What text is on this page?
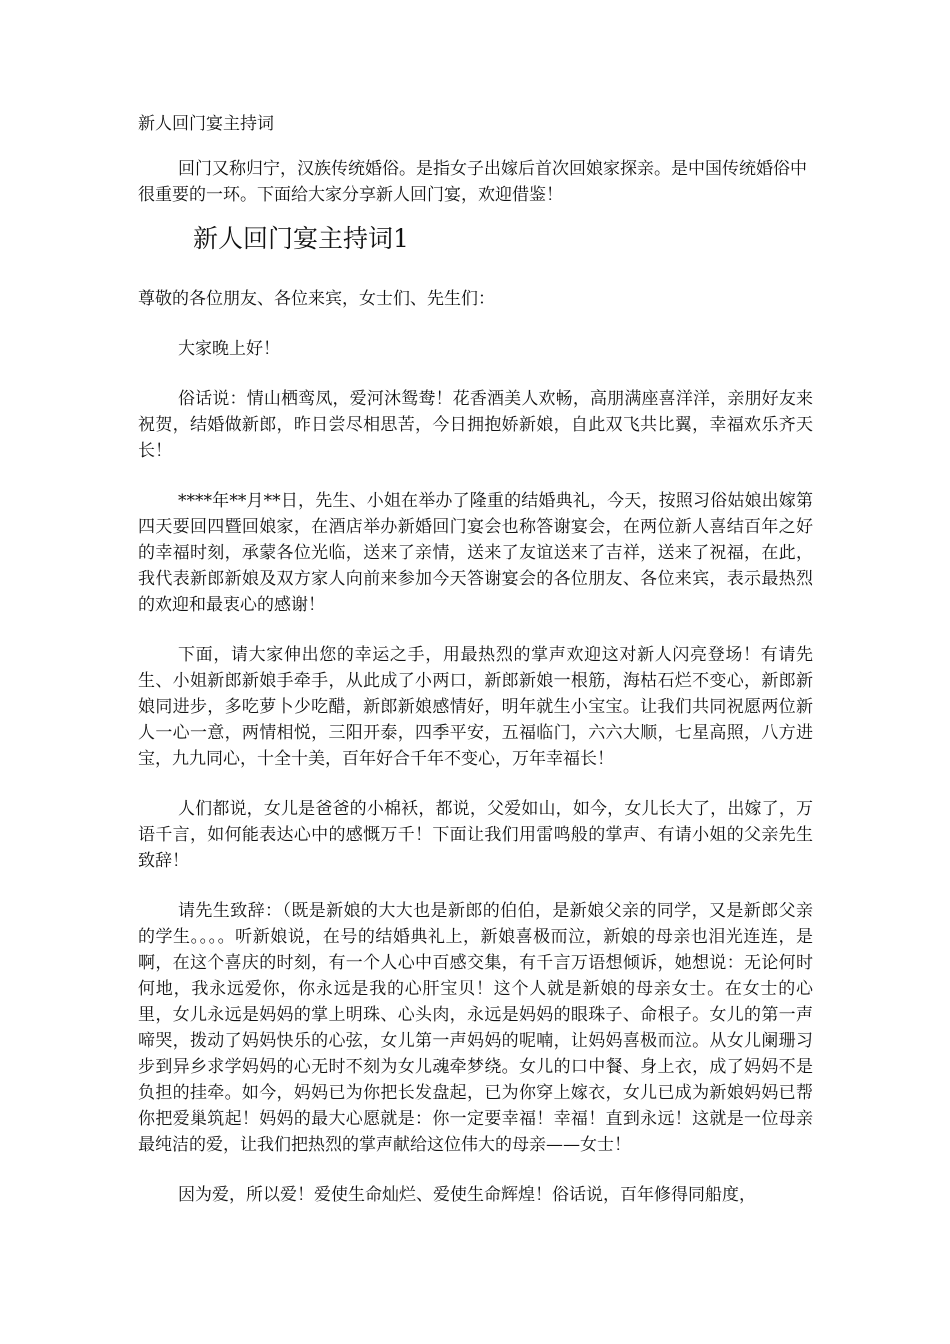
新人回门宴主持词

回门又称归宁，汉族传统婚俗。是指女子出嫁后首次回娘家探亲。是中国传统婚俗中很重要的一环。下面给大家分享新人回门宴，欢迎借鉴！

新人回门宴主持词1

尊敬的各位朋友、各位来宾，女士们、先生们：

大家晚上好！

俗话说：情山栖鸾凤，爱河沐鸳鸯！花香酒美人欢畅，高朋满座喜洋洋，亲朋好友来祝贺，结婚做新郎，昨日尝尽相思苦，今日拥抱娇新娘，自此双飞共比翼，幸福欢乐齐天长！

****年**月**日，先生、小姐在举办了隆重的结婚典礼，今天，按照习俗姑娘出嫁第四天要回四暨回娘家，在酒店举办新婚回门宴会也称答谢宴会，在两位新人喜结百年之好的幸福时刻，承蒙各位光临，送来了亲情，送来了友谊送来了吉祥，送来了祝福，在此，我代表新郎新娘及双方家人向前来参加今天答谢宴会的各位朋友、各位来宾，表示最热烈的欢迎和最衷心的感谢！

下面，请大家伸出您的幸运之手，用最热烈的掌声欢迎这对新人闪亮登场！有请先生、小姐新郎新娘手牵手，从此成了小两口，新郎新娘一根筋，海枯石烂不变心，新郎新娘同进步，多吃萝卜少吃醋，新郎新娘感情好，明年就生小宝宝。让我们共同祝愿两位新人一心一意，两情相悦，三阳开泰，四季平安，五福临门，六六大顺，七星高照，八方进宝，九九同心，十全十美，百年好合千年不变心，万年幸福长！

人们都说，女儿是爸爸的小棉袄，都说，父爱如山，如今，女儿长大了，出嫁了，万语千言，如何能表达心中的感慨万千！下面让我们用雷鸣般的掌声、有请小姐的父亲先生致辞！

请先生致辞：（既是新娘的大大也是新郎的伯伯，是新娘父亲的同学，又是新郎父亲的学生。。。。听新娘说，在号的结婚典礼上，新娘喜极而泣，新娘的母亲也泪光连连，是啊，在这个喜庆的时刻，有一个人心中百感交集，有千言万语想倾诉，她想说：无论何时何地，我永远爱你，你永远是我的心肝宝贝！这个人就是新娘的母亲女士。在女士的心里，女儿永远是妈妈的掌上明珠、心头肉，永远是妈妈的眼珠子、命根子。女儿的第一声啼哭，拨动了妈妈快乐的心弦，女儿第一声妈妈的呢喃，让妈妈喜极而泣。从女儿阑珊习步到异乡求学妈妈的心无时不刻为女儿魂牵梦绕。女儿的口中餐、身上衣，成了妈妈不是负担的挂牵。如今，妈妈已为你把长发盘起，已为你穿上嫁衣，女儿已成为新娘妈妈已帮你把爱巢筑起！妈妈的最大心愿就是：你一定要幸福！幸福！直到永远！这就是一位母亲最纯洁的爱，让我们把热烈的掌声献给这位伟大的母亲——女士！

因为爱，所以爱！爱使生命灿烂、爱使生命辉煌！俗话说，百年修得同船度，
